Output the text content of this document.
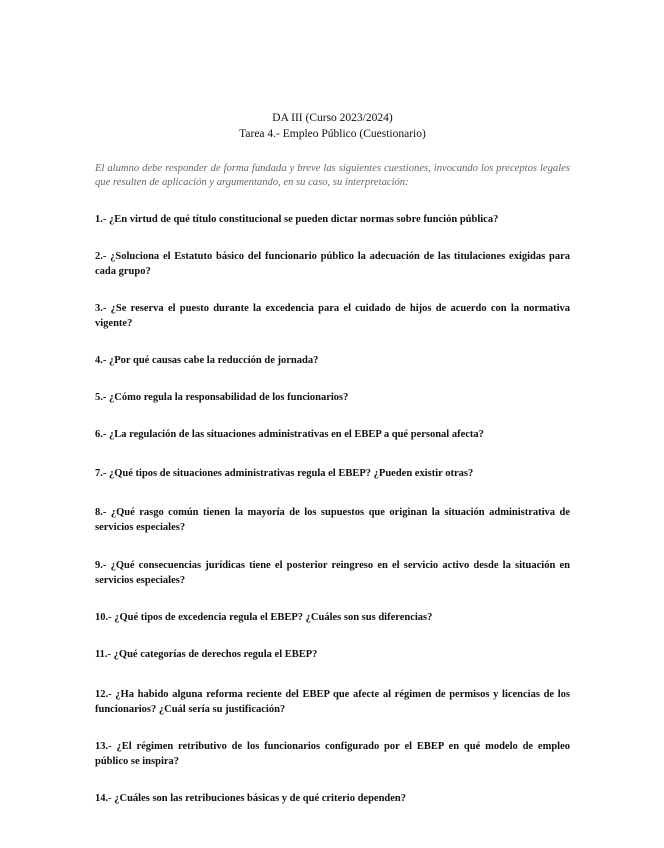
DA III (Curso 2023/2024)
Tarea 4.- Empleo Público (Cuestionario)

El alumno debe responder de forma fundada y breve las siguientes cuestiones, invocando los preceptos legales que resulten de aplicación y argumentando, en su caso, su interpretación:

1.- ¿En virtud de qué título constitucional se pueden dictar normas sobre función pública?
2.- ¿Soluciona el Estatuto básico del funcionario público la adecuación de las titulaciones exigidas para cada grupo?
3.- ¿Se reserva el puesto durante la excedencia para el cuidado de hijos de acuerdo con la normativa vigente?
4.- ¿Por qué causas cabe la reducción de jornada?
5.- ¿Cómo regula la responsabilidad de los funcionarios?
6.- ¿La regulación de las situaciones administrativas en el EBEP a qué personal afecta?
7.- ¿Qué tipos de situaciones administrativas regula el EBEP? ¿Pueden existir otras?
8.- ¿Qué rasgo común tienen la mayoría de los supuestos que originan la situación administrativa de servicios especiales?
9.- ¿Qué consecuencias jurídicas tiene el posterior reingreso en el servicio activo desde la situación en servicios especiales?
10.- ¿Qué tipos de excedencia regula el EBEP? ¿Cuáles son sus diferencias?
11.- ¿Qué categorías de derechos regula el EBEP?
12.- ¿Ha habido alguna reforma reciente del EBEP que afecte al régimen de permisos y licencias de los funcionarios? ¿Cuál sería su justificación?
13.- ¿El régimen retributivo de los funcionarios configurado por el EBEP en qué modelo de empleo público se inspira?
14.- ¿Cuáles son las retribuciones básicas y de qué criterio dependen?
